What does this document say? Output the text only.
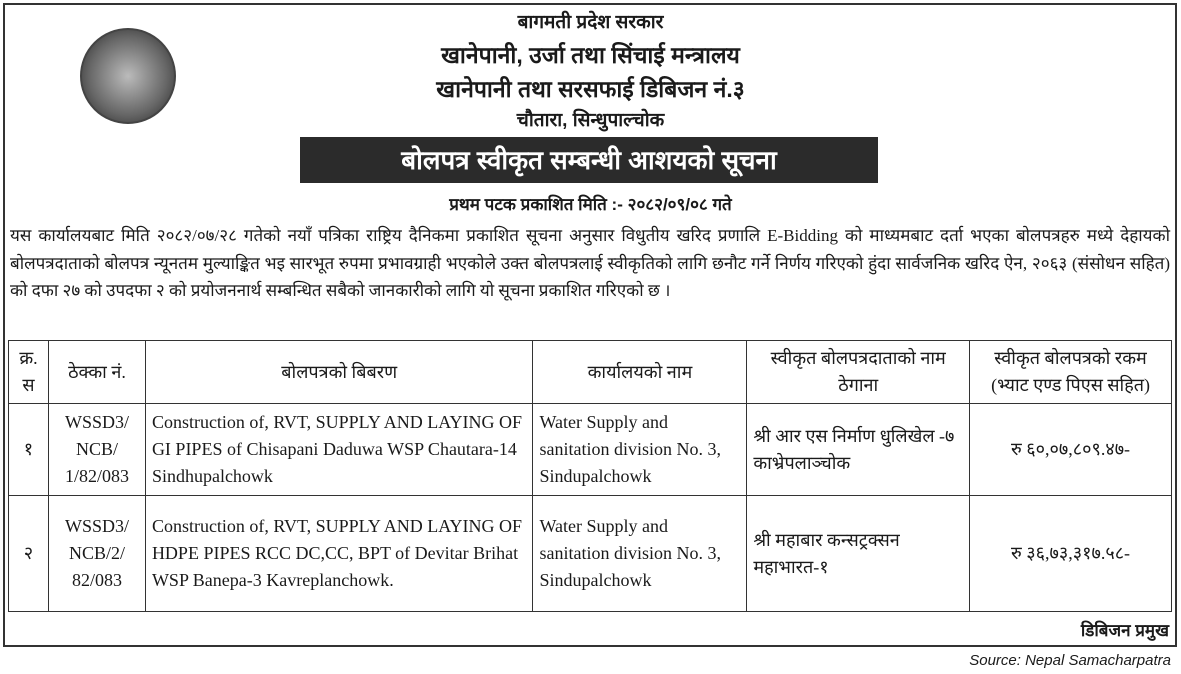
बागमती प्रदेश सरकार
खानेपानी, उर्जा तथा सिंचाई मन्त्रालय
खानेपानी तथा सरसफाई डिबिजन नं.३
चौतारा, सिन्धुपाल्चोक
बोलपत्र स्वीकृत सम्बन्धी आशयको सूचना
प्रथम पटक प्रकाशित मिति :- २०८२/०९/०८ गते
यस कार्यालयबाट मिति २०८२/०७/२८ गतेको नयाँ पत्रिका राष्ट्रिय दैनिकमा प्रकाशित सूचना अनुसार विधुतीय खरिद प्रणालि E-Bidding को माध्यमबाट दर्ता भएका बोलपत्रहरु मध्ये देहायको बोलपत्रदाताको बोलपत्र न्यूनतम मुल्याङ्कित भइ सारभूत रुपमा प्रभावग्राही भएकोले उक्त बोलपत्रलाई स्वीकृतिको लागि छनौट गर्ने निर्णय गरिएको हुंदा सार्वजनिक खरिद ऐन, २०६३ (संसोधन सहित) को दफा २७ को उपदफा २ को प्रयोजननार्थ सम्बन्धित सबैको जानकारीको लागि यो सूचना प्रकाशित गरिएको छ ।
क्र. स	ठेक्का नं.	बोलपत्रको बिबरण	कार्यालयको नाम	स्वीकृत बोलपत्रदाताको नाम ठेगाना	स्वीकृत बोलपत्रको रकम (भ्याट एण्ड पिएस सहित)
१	WSSD3/ NCB/ 1/82/083	Construction of, RVT, SUPPLY AND LAYING OF GI PIPES of Chisapani Daduwa WSP Chautara-14 Sindhupalchowk	Water Supply and sanitation division No. 3, Sindupalchowk	श्री आर एस निर्माण धुलिखेल -७ काभ्रेपलाञ्चोक	रु ६०,०७,८०९.४७-
२	WSSD3/ NCB/2/ 82/083	Construction of, RVT, SUPPLY AND LAYING OF HDPE PIPES RCC DC,CC, BPT of Devitar Brihat WSP Banepa-3 Kavreplanchowk.	Water Supply and sanitation division No. 3, Sindupalchowk	श्री महाबार कन्सट्रक्सन महाभारत-१	रु ३६,७३,३१७.५८-
डिबिजन प्रमुख
Source: Nepal Samacharpatra
